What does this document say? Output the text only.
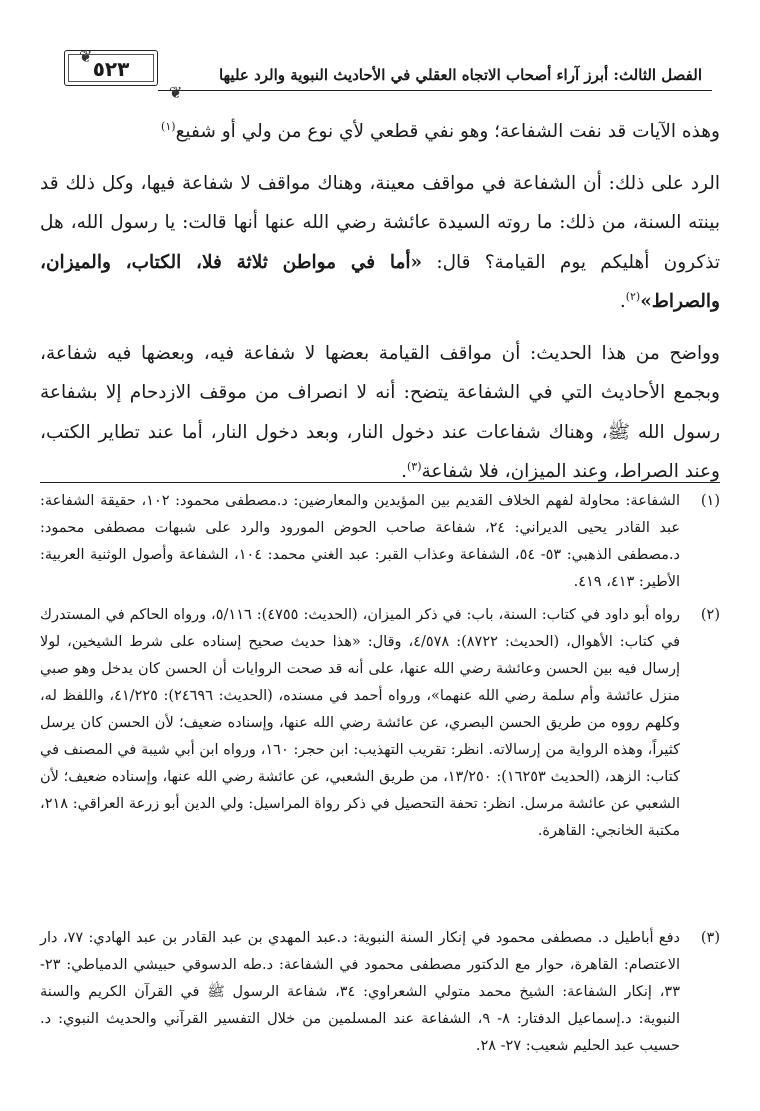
❦
٥٢٣
❦
الفصل الثالث: أبرز آراء أصحاب الاتجاه العقلي في الأحاديث النبوية والرد عليها

وهذه الآيات قد نفت الشفاعة؛ وهو نفي قطعي لأي نوع من ولي أو شفيع$^{(١)}$

الرد على ذلك: أن الشفاعة في مواقف معينة، وهناك مواقف لا شفاعة فيها، وكل ذلك قد بينته السنة، من ذلك: ما روته السيدة عائشة رضي الله عنها أنها قالت: يا رسول الله، هل تذكرون أهليكم يوم القيامة؟ قال: «أما في مواطن ثلاثة فلا، الكتاب، والميزان، والصراط»$^{(٢)}$.

وواضح من هذا الحديث: أن مواقف القيامة بعضها لا شفاعة فيه، وبعضها فيه شفاعة، وبجمع الأحاديث التي في الشفاعة يتضح: أنه لا انصراف من موقف الازدحام إلا بشفاعة رسول الله ﷺ، وهناك شفاعات عند دخول النار، وبعد دخول النار، أما عند تطاير الكتب، وعند الصراط، وعند الميزان، فلا شفاعة$^{(٣)}$.

(١)
الشفاعة: محاولة لفهم الخلاف القديم بين المؤيدين والمعارضين: د.مصطفى محمود: ١٠٢، حقيقة الشفاعة: عبد القادر يحيى الديراني: ٢٤، شفاعة صاحب الحوض المورود والرد على شبهات مصطفى محمود: د.مصطفى الذهبي: ٥٣- ٥٤، الشفاعة وعذاب القبر: عبد الغني محمد: ١٠٤، الشفاعة وأصول الوثنية العربية: الأطير: ٤١٣، ٤١٩.
(٢)
رواه أبو داود في كتاب: السنة، باب: في ذكر الميزان، (الحديث: ٤٧٥٥): ٥/١١٦، ورواه الحاكم في المستدرك في كتاب: الأهوال، (الحديث: ٨٧٢٢): ٤/٥٧٨، وقال: «هذا حديث صحيح إسناده على شرط الشيخين، لولا إرسال فيه بين الحسن وعائشة رضي الله عنها، على أنه قد صحت الروايات أن الحسن كان يدخل وهو صبي منزل عائشة وأم سلمة رضي الله عنهما»، ورواه أحمد في مسنده، (الحديث: ٢٤٦٩٦): ٤١/٢٢٥، واللفظ له، وكلهم رووه من طريق الحسن البصري، عن عائشة رضي الله عنها، وإسناده ضعيف؛ لأن الحسن كان يرسل كثيراً، وهذه الرواية من إرسالاته. انظر: تقريب التهذيب: ابن حجر: ١٦٠، ورواه ابن أبي شيبة في المصنف في كتاب: الزهد، (الحديث ١٦٢٥٣): ١٣/٢٥٠، من طريق الشعبي، عن عائشة رضي الله عنها، وإسناده ضعيف؛ لأن الشعبي عن عائشة مرسل. انظر: تحفة التحصيل في ذكر رواة المراسيل: ولي الدين أبو زرعة العراقي: ٢١٨، مكتبة الخانجي: القاهرة.
(٣)
دفع أباطيل د. مصطفى محمود في إنكار السنة النبوية: د.عبد المهدي بن عبد القادر بن عبد الهادي: ٧٧، دار الاعتصام: القاهرة، حوار مع الدكتور مصطفى محمود في الشفاعة: د.طه الدسوقي حبيشي الدمياطي: ٢٣- ٣٣، إنكار الشفاعة: الشيخ محمد متولي الشعراوي: ٣٤، شفاعة الرسول ﷺ في القرآن الكريم والسنة النبوية: د.إسماعيل الدفتار: ٨- ٩، الشفاعة عند المسلمين من خلال التفسير القرآني والحديث النبوي: د. حسيب عبد الحليم شعيب: ٢٧- ٢٨.
